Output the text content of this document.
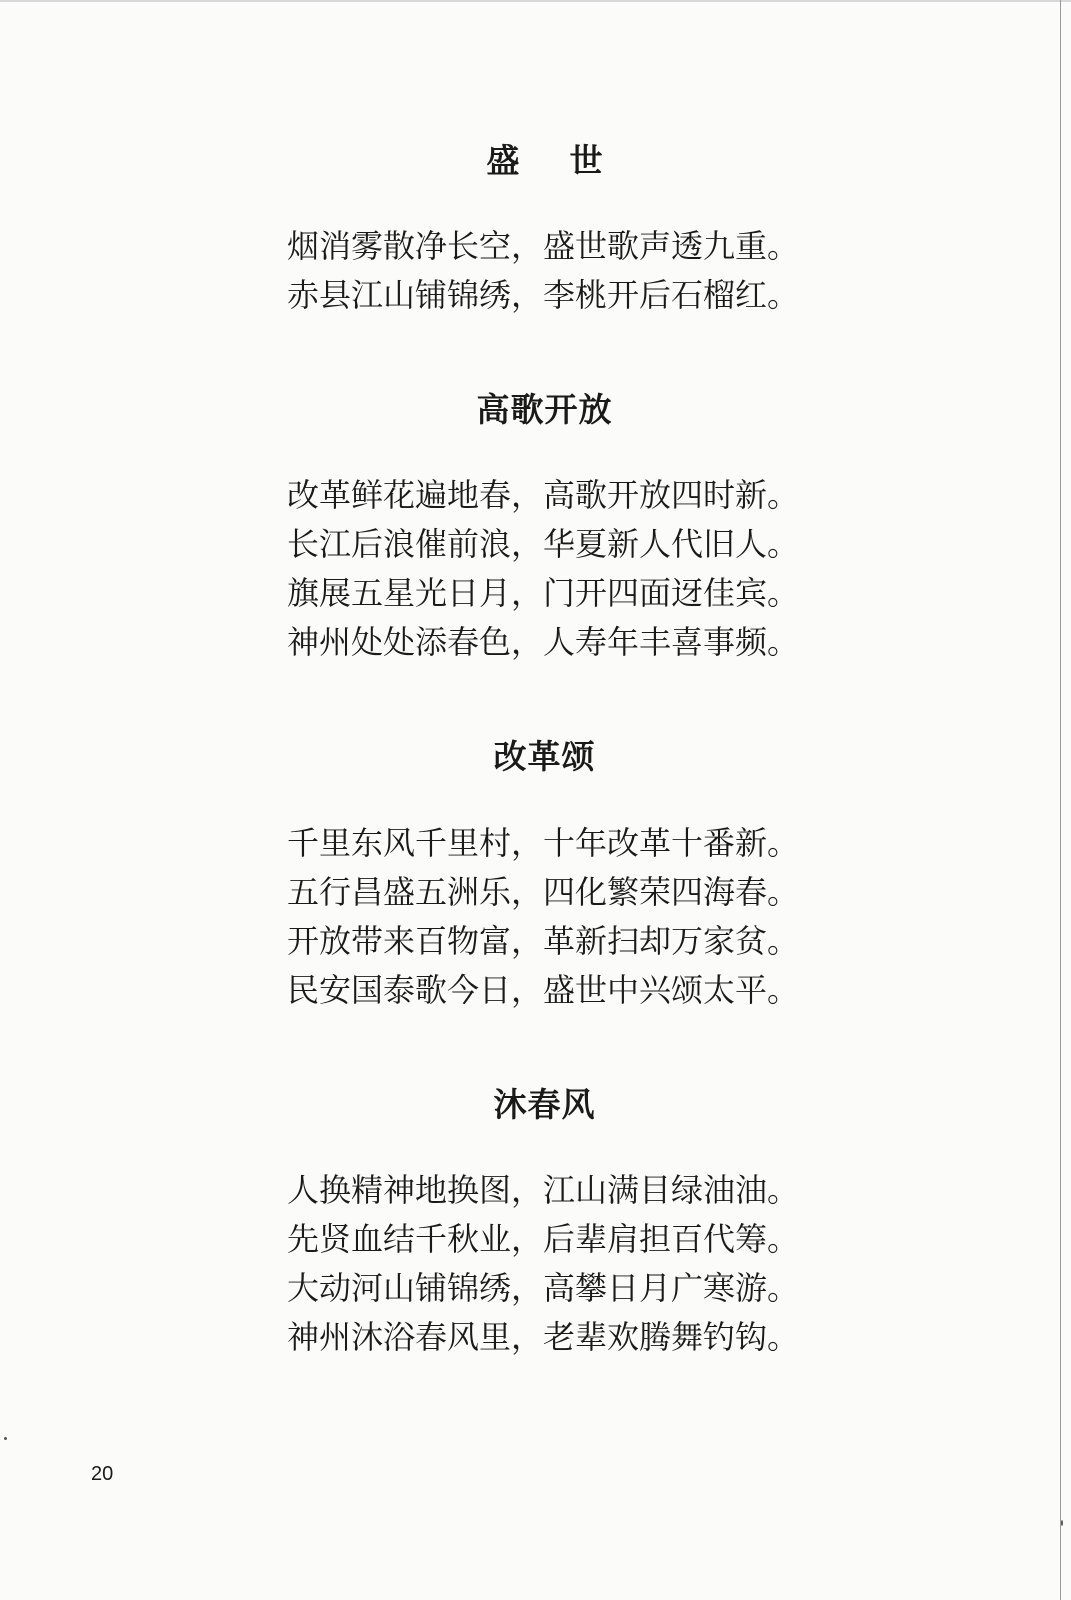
盛世
烟消雾散净长空，盛世歌声透九重。
赤县江山铺锦绣，李桃开后石榴红。
高歌开放
改革鲜花遍地春，高歌开放四时新。
长江后浪催前浪，华夏新人代旧人。
旗展五星光日月，门开四面迓佳宾。
神州处处添春色，人寿年丰喜事频。
改革颂
千里东风千里村，十年改革十番新。
五行昌盛五洲乐，四化繁荣四海春。
开放带来百物富，革新扫却万家贫。
民安国泰歌今日，盛世中兴颂太平。
沐春风
人换精神地换图，江山满目绿油油。
先贤血结千秋业，后辈肩担百代筹。
大动河山铺锦绣，高攀日月广寒游。
神州沐浴春风里，老辈欢腾舞钓钩。
20
